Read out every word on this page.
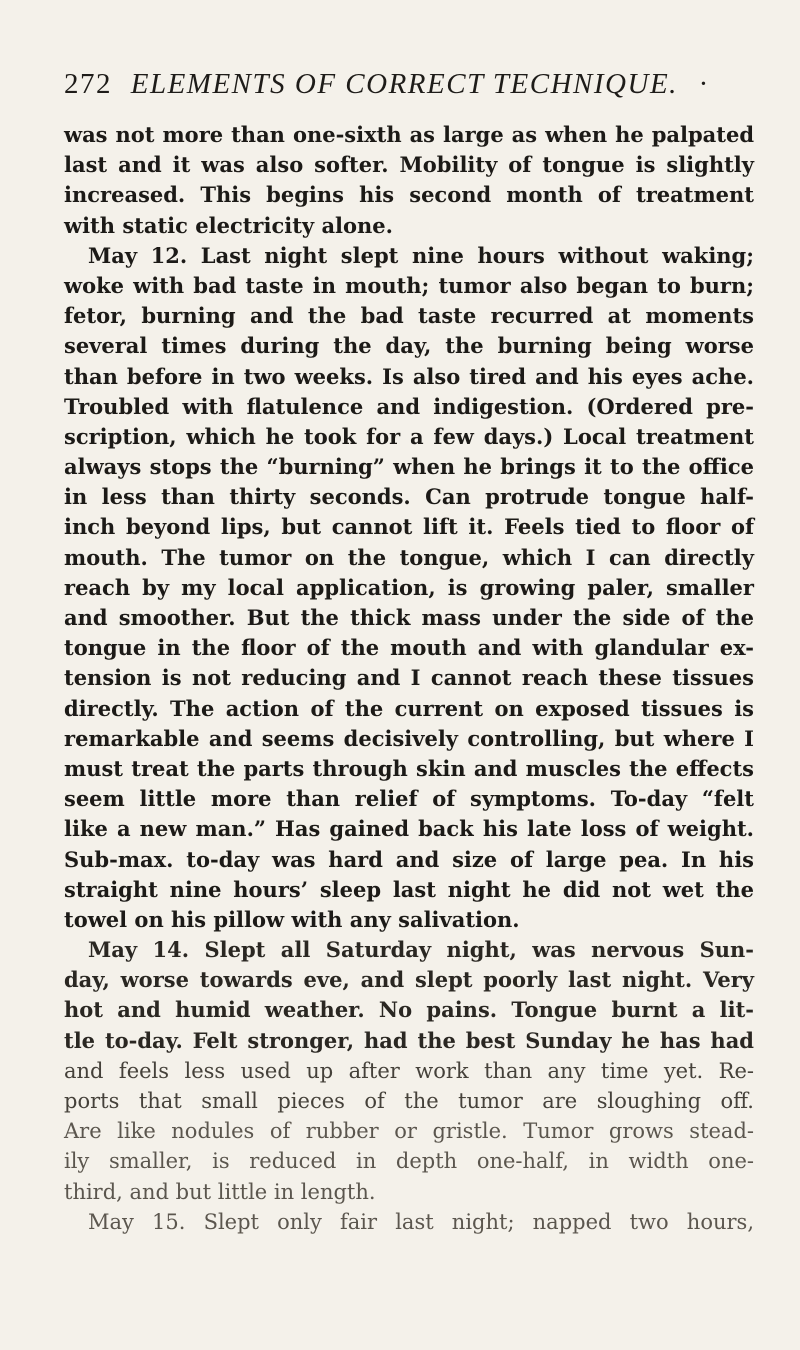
272 ELEMENTS OF CORRECT TECHNIQUE. ·
was not more than one-sixth as large as when he palpated
last and it was also softer. Mobility of tongue is slightly
increased. This begins his second month of treatment
with static electricity alone.
May 12. Last night slept nine hours without waking;
woke with bad taste in mouth; tumor also began to burn;
fetor, burning and the bad taste recurred at moments
several times during the day, the burning being worse
than before in two weeks. Is also tired and his eyes ache.
Troubled with flatulence and indigestion. (Ordered pre-
scription, which he took for a few days.) Local treatment
always stops the “burning” when he brings it to the office
in less than thirty seconds. Can protrude tongue half-
inch beyond lips, but cannot lift it. Feels tied to floor of
mouth. The tumor on the tongue, which I can directly
reach by my local application, is growing paler, smaller
and smoother. But the thick mass under the side of the
tongue in the floor of the mouth and with glandular ex-
tension is not reducing and I cannot reach these tissues
directly. The action of the current on exposed tissues is
remarkable and seems decisively controlling, but where I
must treat the parts through skin and muscles the effects
seem little more than relief of symptoms. To-day “felt
like a new man.” Has gained back his late loss of weight.
Sub-max. to-day was hard and size of large pea. In his
straight nine hours’ sleep last night he did not wet the
towel on his pillow with any salivation.
May 14. Slept all Saturday night, was nervous Sun-
day, worse towards eve, and slept poorly last night. Very
hot and humid weather. No pains. Tongue burnt a lit-
tle to-day. Felt stronger, had the best Sunday he has had
and feels less used up after work than any time yet. Re-
ports that small pieces of the tumor are sloughing off.
Are like nodules of rubber or gristle. Tumor grows stead-
ily smaller, is reduced in depth one-half, in width one-
third, and but little in length.
May 15. Slept only fair last night; napped two hours,
